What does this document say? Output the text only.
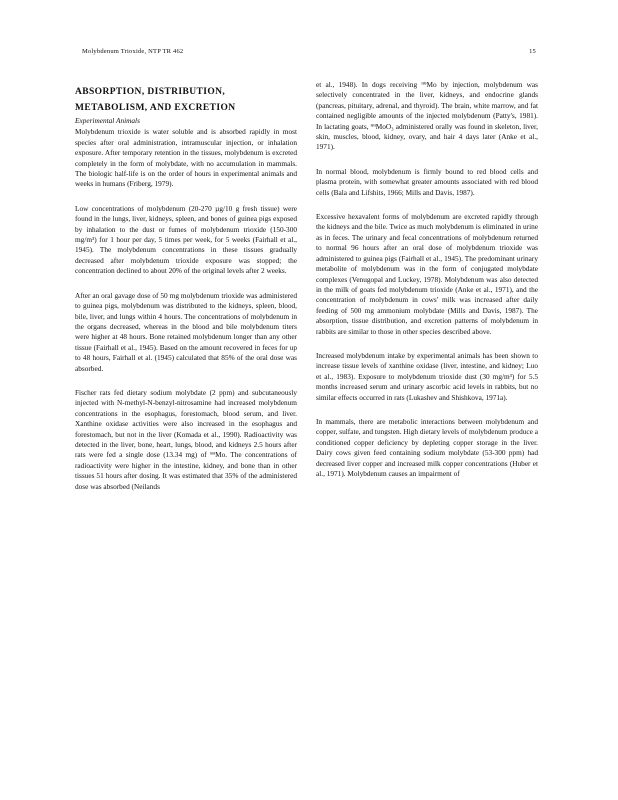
Molybdenum Trioxide, NTP TR 462	15
ABSORPTION, DISTRIBUTION,
METABOLISM, AND EXCRETION
Experimental Animals

Molybdenum trioxide is water soluble and is absorbed rapidly in most species after oral administration, intramuscular injection, or inhalation exposure. After temporary retention in the tissues, molybdenum is excreted completely in the form of molybdate, with no accumulation in mammals. The biologic half-life is on the order of hours in experimental animals and weeks in humans (Friberg, 1979).

Low concentrations of molybdenum (20-270 µg/10 g fresh tissue) were found in the lungs, liver, kidneys, spleen, and bones of guinea pigs exposed by inhalation to the dust or fumes of molybdenum trioxide (150-300 mg/m³) for 1 hour per day, 5 times per week, for 5 weeks (Fairhall et al., 1945). The molybdenum concentrations in these tissues gradually decreased after molybdenum trioxide exposure was stopped; the concentration declined to about 20% of the original levels after 2 weeks.

After an oral gavage dose of 50 mg molybdenum trioxide was administered to guinea pigs, molybdenum was distributed to the kidneys, spleen, blood, bile, liver, and lungs within 4 hours. The concentrations of molybdenum in the organs decreased, whereas in the blood and bile molybdenum titers were higher at 48 hours. Bone retained molybdenum longer than any other tissue (Fairhall et al., 1945). Based on the amount recovered in feces for up to 48 hours, Fairhall et al. (1945) calculated that 85% of the oral dose was absorbed.

Fischer rats fed dietary sodium molybdate (2 ppm) and subcutaneously injected with N-methyl-N-benzyl-nitrosamine had increased molybdenum concentrations in the esophagus, forestomach, blood serum, and liver. Xanthine oxidase activities were also increased in the esophagus and forestomach, but not in the liver (Komada et al., 1990). Radioactivity was detected in the liver, bone, heart, lungs, blood, and kidneys 2.5 hours after rats were fed a single dose (13.34 mg) of ⁹⁹Mo. The concentrations of radioactivity were higher in the intestine, kidney, and bone than in other tissues 51 hours after dosing. It was estimated that 35% of the administered dose was absorbed (Neilands

et al., 1948). In dogs receiving ⁹⁹Mo by injection, molybdenum was selectively concentrated in the liver, kidneys, and endocrine glands (pancreas, pituitary, adrenal, and thyroid). The brain, white marrow, and fat contained negligible amounts of the injected molybdenum (Patty's, 1981). In lactating goats, ⁹⁹MoO₃ administered orally was found in skeleton, liver, skin, muscles, blood, kidney, ovary, and hair 4 days later (Anke et al., 1971).

In normal blood, molybdenum is firmly bound to red blood cells and plasma protein, with somewhat greater amounts associated with red blood cells (Bala and Lifshits, 1966; Mills and Davis, 1987).

Excessive hexavalent forms of molybdenum are excreted rapidly through the kidneys and the bile. Twice as much molybdenum is eliminated in urine as in feces. The urinary and fecal concentrations of molybdenum returned to normal 96 hours after an oral dose of molybdenum trioxide was administered to guinea pigs (Fairhall et al., 1945). The predominant urinary metabolite of molybdenum was in the form of conjugated molybdate complexes (Venugopal and Luckey, 1978). Molybdenum was also detected in the milk of goats fed molybdenum trioxide (Anke et al., 1971), and the concentration of molybdenum in cows' milk was increased after daily feeding of 500 mg ammonium molybdate (Mills and Davis, 1987). The absorption, tissue distribution, and excretion patterns of molybdenum in rabbits are similar to those in other species described above.

Increased molybdenum intake by experimental animals has been shown to increase tissue levels of xanthine oxidase (liver, intestine, and kidney; Luo et al., 1983). Exposure to molybdenum trioxide dust (30 mg/m³) for 5.5 months increased serum and urinary ascorbic acid levels in rabbits, but no similar effects occurred in rats (Lukashev and Shishkova, 1971a).

In mammals, there are metabolic interactions between molybdenum and copper, sulfate, and tungsten. High dietary levels of molybdenum produce a conditioned copper deficiency by depleting copper storage in the liver. Dairy cows given feed containing sodium molybdate (53-300 ppm) had decreased liver copper and increased milk copper concentrations (Huber et al., 1971). Molybdenum causes an impairment of
